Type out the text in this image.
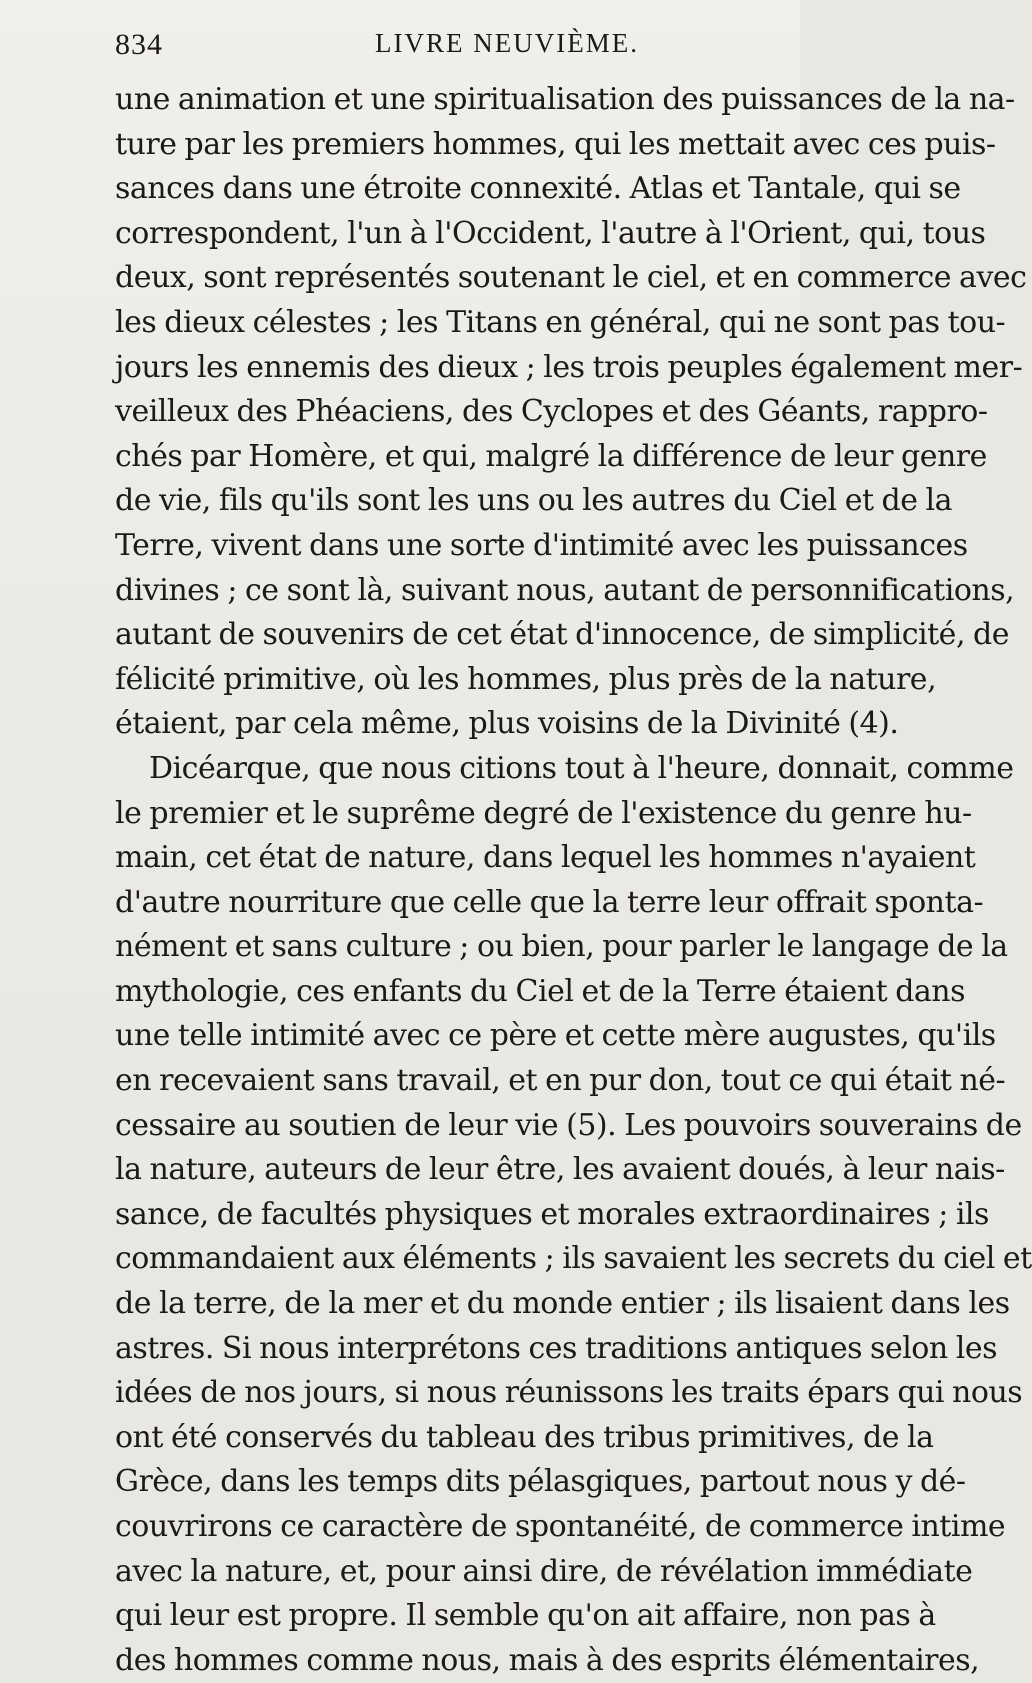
834	LIVRE NEUVIÈME.
une animation et une spiritualisation des puissances de la na-
ture par les premiers hommes, qui les mettait avec ces puis-
sances dans une étroite connexité. Atlas et Tantale, qui se
correspondent, l'un à l'Occident, l'autre à l'Orient, qui, tous
deux, sont représentés soutenant le ciel, et en commerce avec
les dieux célestes ; les Titans en général, qui ne sont pas tou-
jours les ennemis des dieux ; les trois peuples également mer-
veilleux des Phéaciens, des Cyclopes et des Géants, rappro-
chés par Homère, et qui, malgré la différence de leur genre
de vie, fils qu'ils sont les uns ou les autres du Ciel et de la
Terre, vivent dans une sorte d'intimité avec les puissances
divines ; ce sont là, suivant nous, autant de personnifications,
autant de souvenirs de cet état d'innocence, de simplicité, de
félicité primitive, où les hommes, plus près de la nature,
étaient, par cela même, plus voisins de la Divinité (4).
Dicéarque, que nous citions tout à l'heure, donnait, comme
le premier et le suprême degré de l'existence du genre hu-
main, cet état de nature, dans lequel les hommes n'ayaient
d'autre nourriture que celle que la terre leur offrait sponta-
nément et sans culture ; ou bien, pour parler le langage de la
mythologie, ces enfants du Ciel et de la Terre étaient dans
une telle intimité avec ce père et cette mère augustes, qu'ils
en recevaient sans travail, et en pur don, tout ce qui était né-
cessaire au soutien de leur vie (5). Les pouvoirs souverains de
la nature, auteurs de leur être, les avaient doués, à leur nais-
sance, de facultés physiques et morales extraordinaires ; ils
commandaient aux éléments ; ils savaient les secrets du ciel et
de la terre, de la mer et du monde entier ; ils lisaient dans les
astres. Si nous interprétons ces traditions antiques selon les
idées de nos jours, si nous réunissons les traits épars qui nous
ont été conservés du tableau des tribus primitives, de la
Grèce, dans les temps dits pélasgiques, partout nous y dé-
couvrirons ce caractère de spontanéité, de commerce intime
avec la nature, et, pour ainsi dire, de révélation immédiate
qui leur est propre. Il semble qu'on ait affaire, non pas à
des hommes comme nous, mais à des esprits élémentaires,
